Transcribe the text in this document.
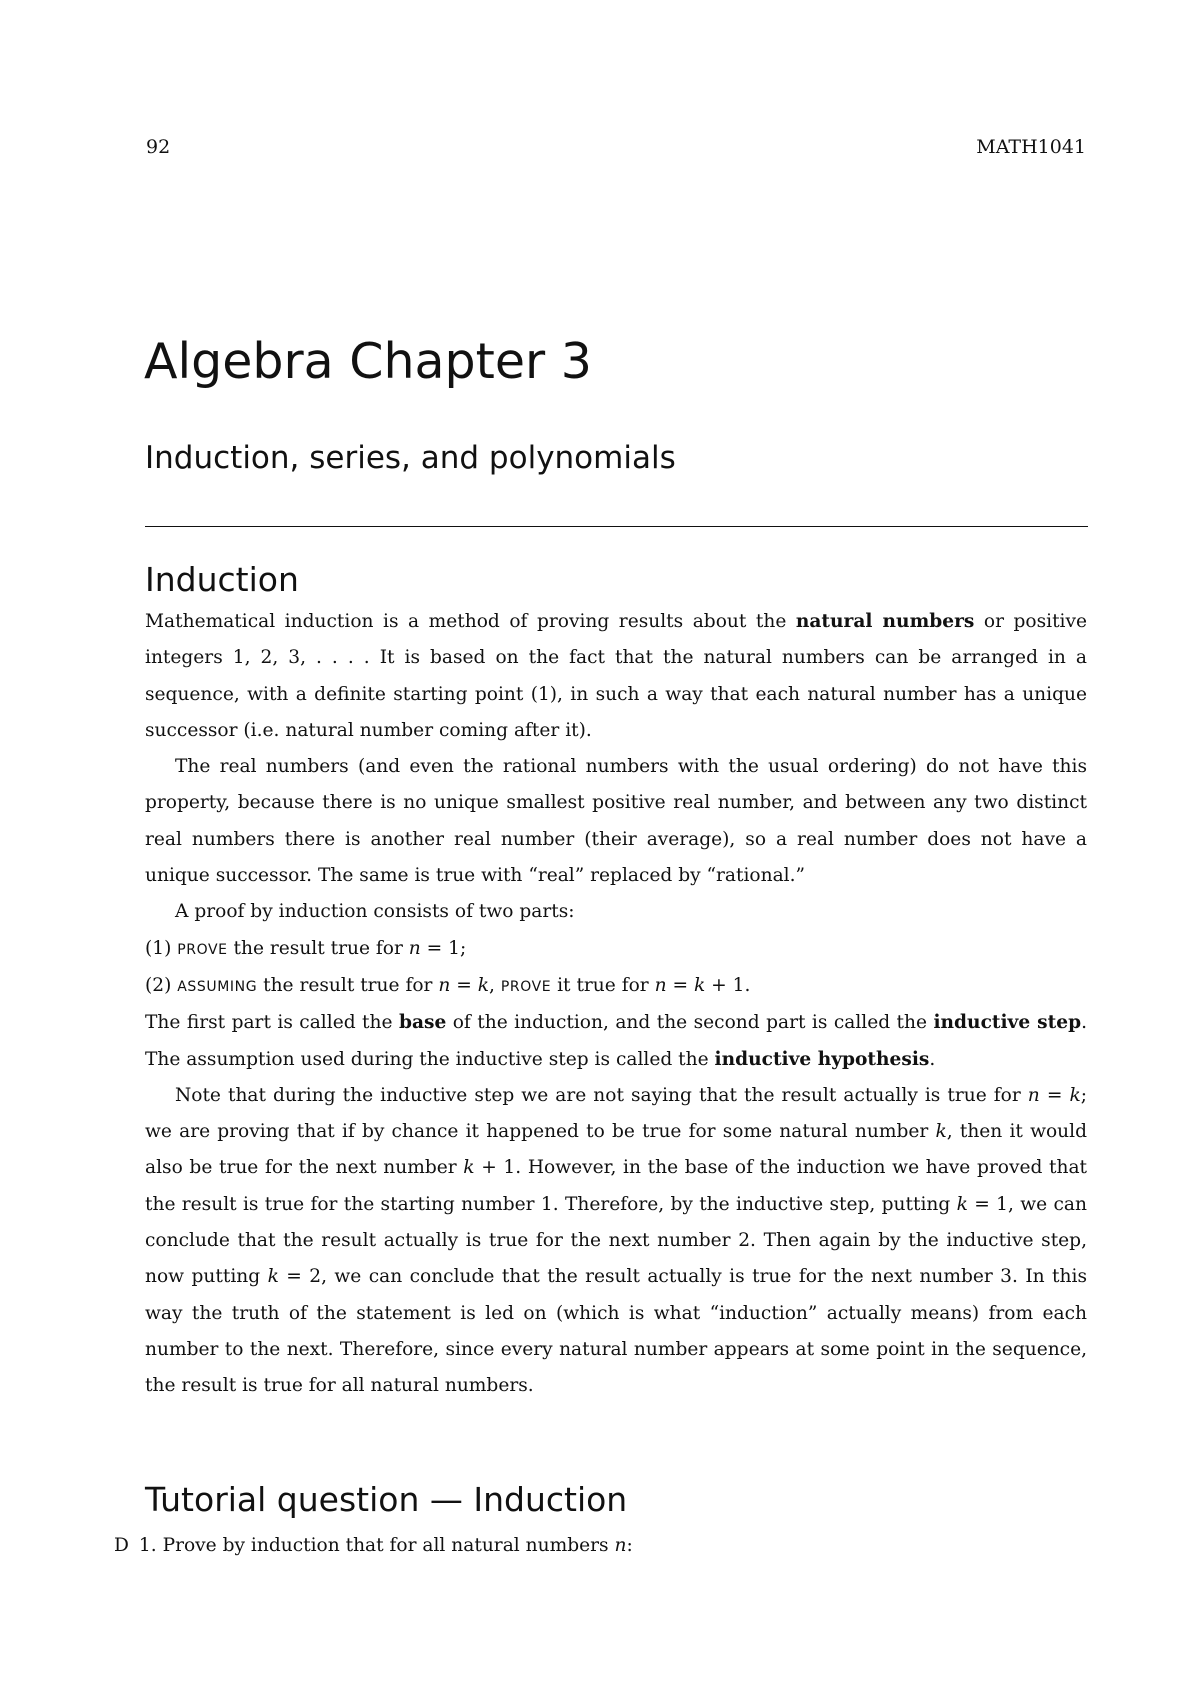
92	MATH1041
Algebra Chapter 3
Induction, series, and polynomials
Induction

Mathematical induction is a method of proving results about the natural numbers or positive integers 1, 2, 3, . . . . It is based on the fact that the natural numbers can be arranged in a sequence, with a definite starting point (1), in such a way that each natural number has a unique successor (i.e. natural number coming after it).

The real numbers (and even the rational numbers with the usual ordering) do not have this property, because there is no unique smallest positive real number, and between any two distinct real numbers there is another real number (their average), so a real number does not have a unique successor. The same is true with “real” replaced by “rational.”

A proof by induction consists of two parts:

(1) PROVE the result true for n = 1;

(2) ASSUMING the result true for n = k, PROVE it true for n = k + 1.

The first part is called the base of the induction, and the second part is called the inductive step. The assumption used during the inductive step is called the inductive hypothesis.

Note that during the inductive step we are not saying that the result actually is true for n = k; we are proving that if by chance it happened to be true for some natural number k, then it would also be true for the next number k + 1. However, in the base of the induction we have proved that the result is true for the starting number 1. Therefore, by the inductive step, putting k = 1, we can conclude that the result actually is true for the next number 2. Then again by the inductive step, now putting k = 2, we can conclude that the result actually is true for the next number 3. In this way the truth of the statement is led on (which is what “induction” actually means) from each number to the next. Therefore, since every natural number appears at some point in the sequence, the result is true for all natural numbers.

Tutorial question — Induction
D 1. Prove by induction that for all natural numbers n:
